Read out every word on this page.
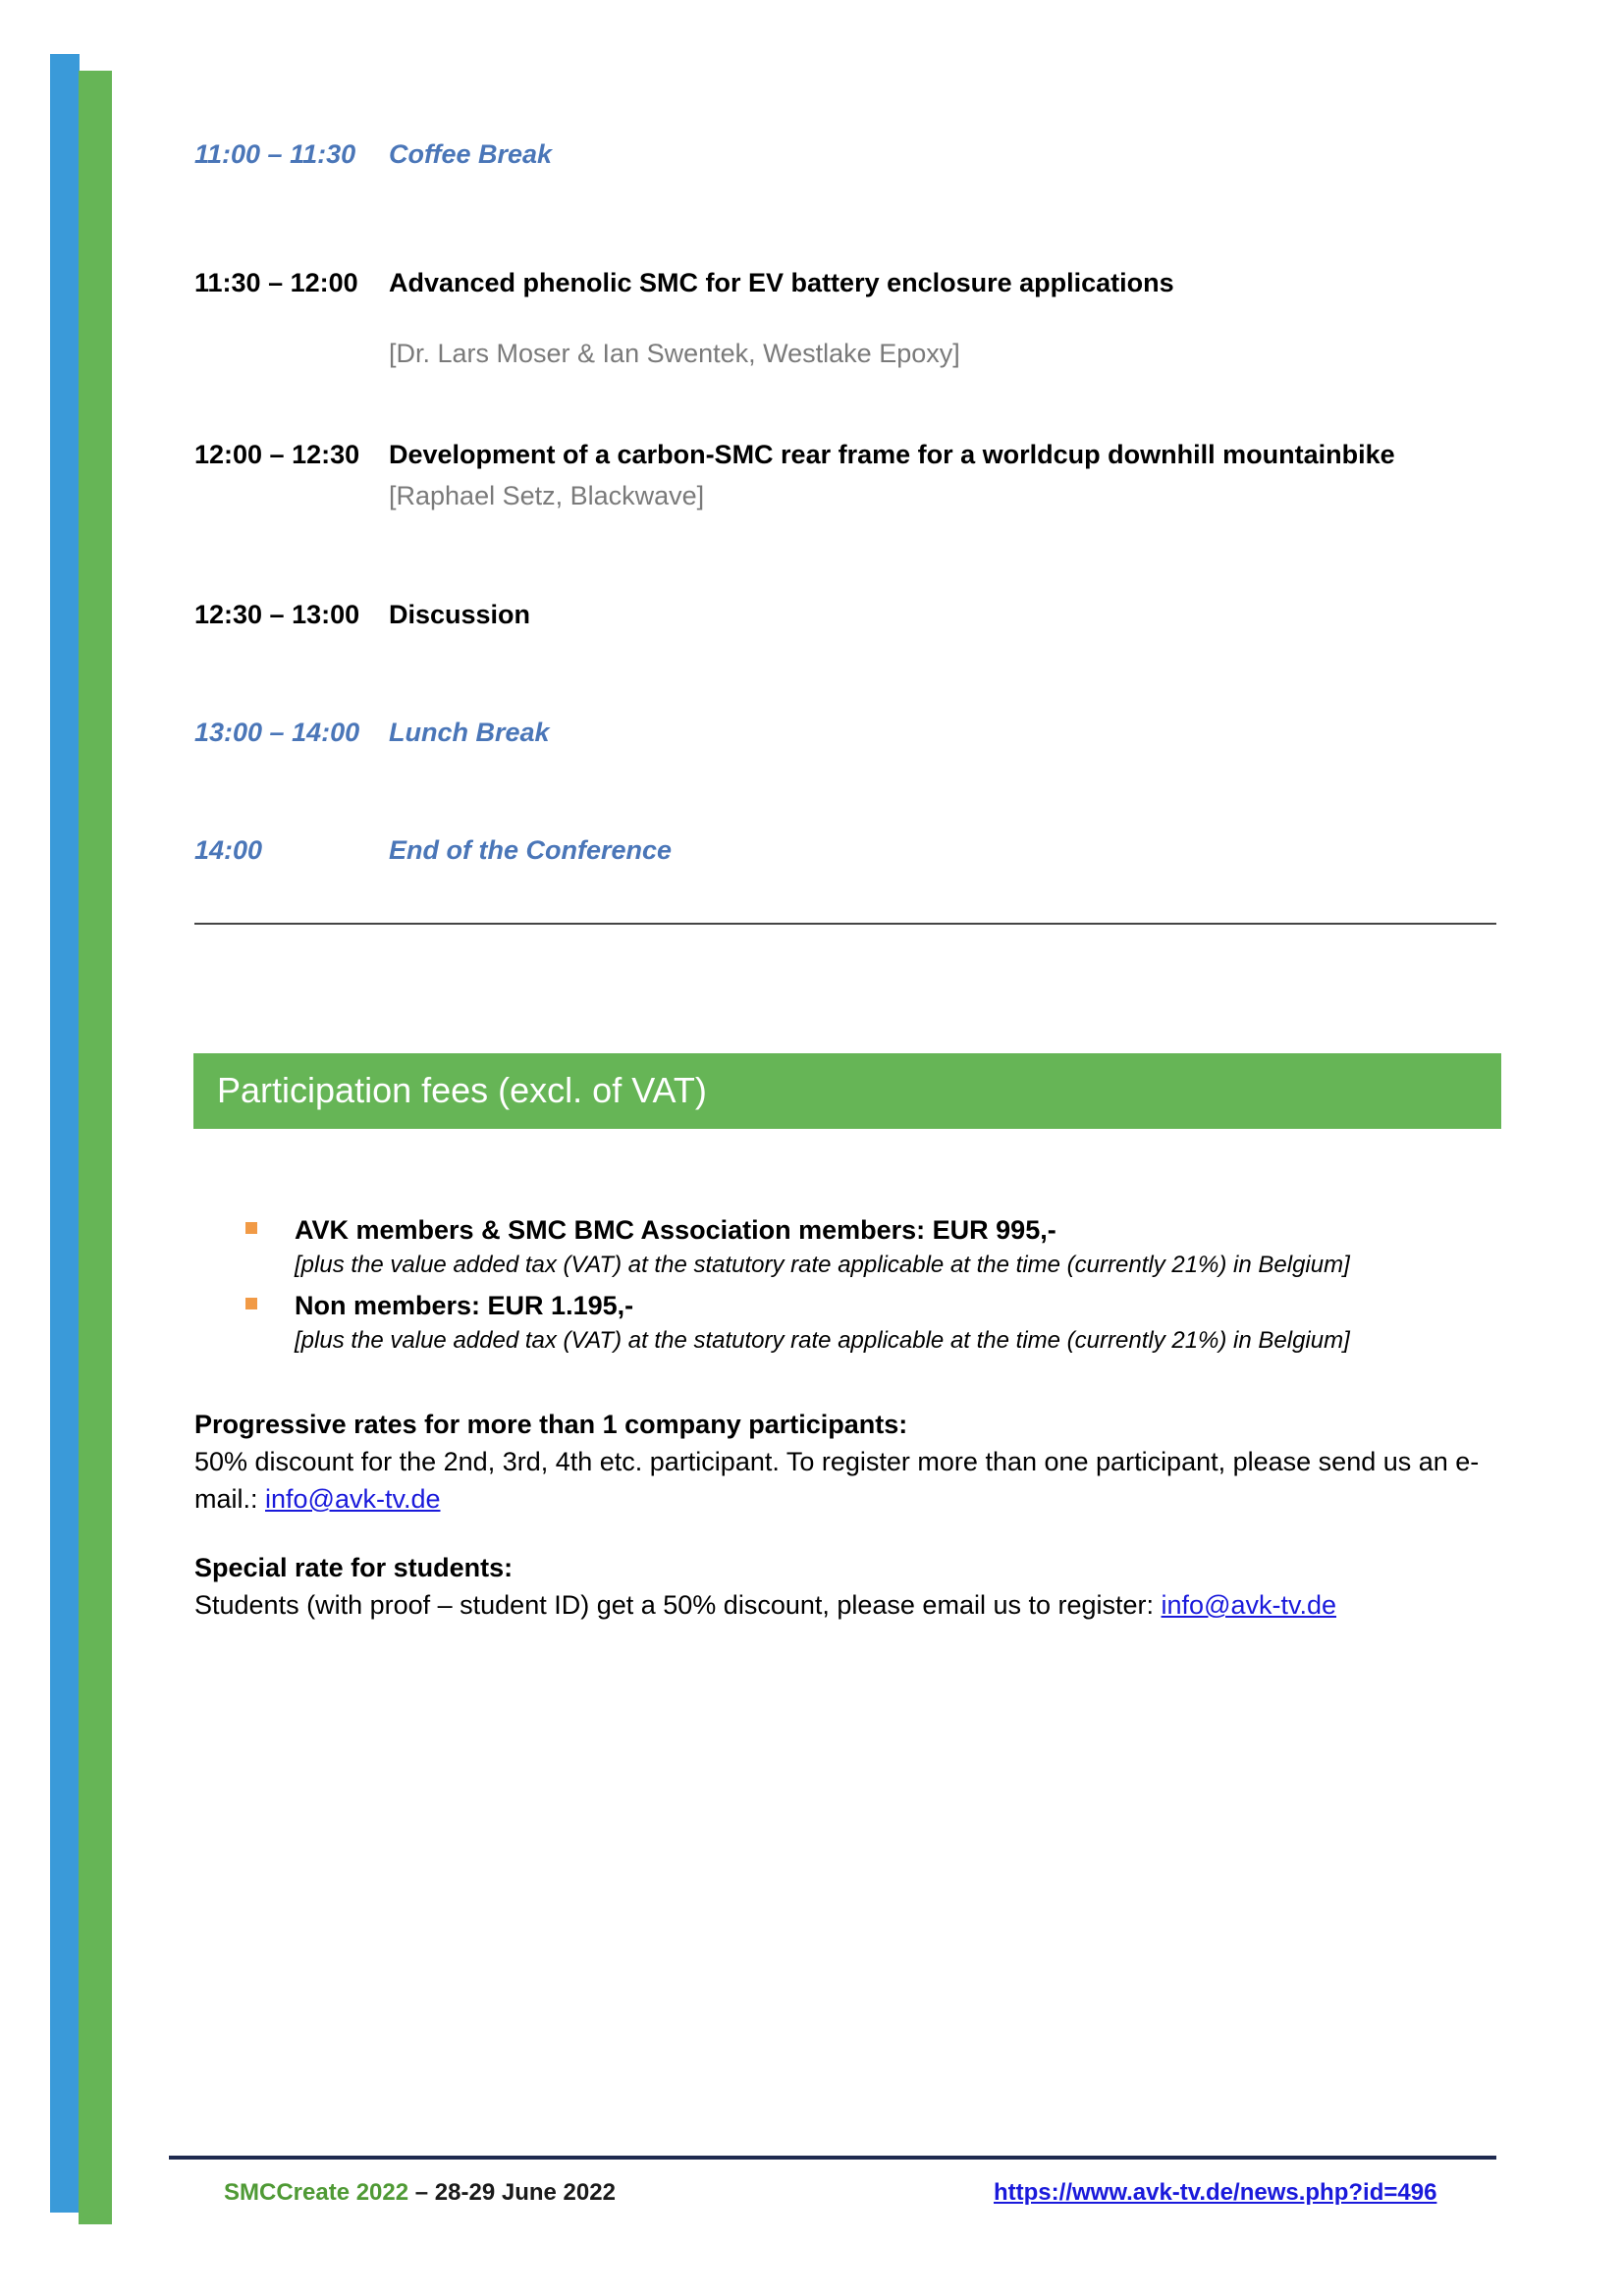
11:00 – 11:30 Coffee Break
11:30 – 12:00 Advanced phenolic SMC for EV battery enclosure applications
[Dr. Lars Moser & Ian Swentek, Westlake Epoxy]
12:00 – 12:30 Development of a carbon-SMC rear frame for a worldcup downhill mountainbike
[Raphael Setz, Blackwave]
12:30 – 13:00 Discussion
13:00 – 14:00 Lunch Break
14:00	End of the Conference
Participation fees (excl. of VAT)
AVK members & SMC BMC Association members: EUR 995,-
[plus the value added tax (VAT) at the statutory rate applicable at the time (currently 21%) in Belgium]
Non members: EUR 1.195,-
[plus the value added tax (VAT) at the statutory rate applicable at the time (currently 21%) in Belgium]
Progressive rates for more than 1 company participants:
50% discount for the 2nd, 3rd, 4th etc. participant. To register more than one participant, please send us an e-mail.: info@avk-tv.de
Special rate for students:
Students (with proof – student ID) get a 50% discount, please email us to register: info@avk-tv.de
SMCCreate 2022 – 28-29 June 2022	https://www.avk-tv.de/news.php?id=496
